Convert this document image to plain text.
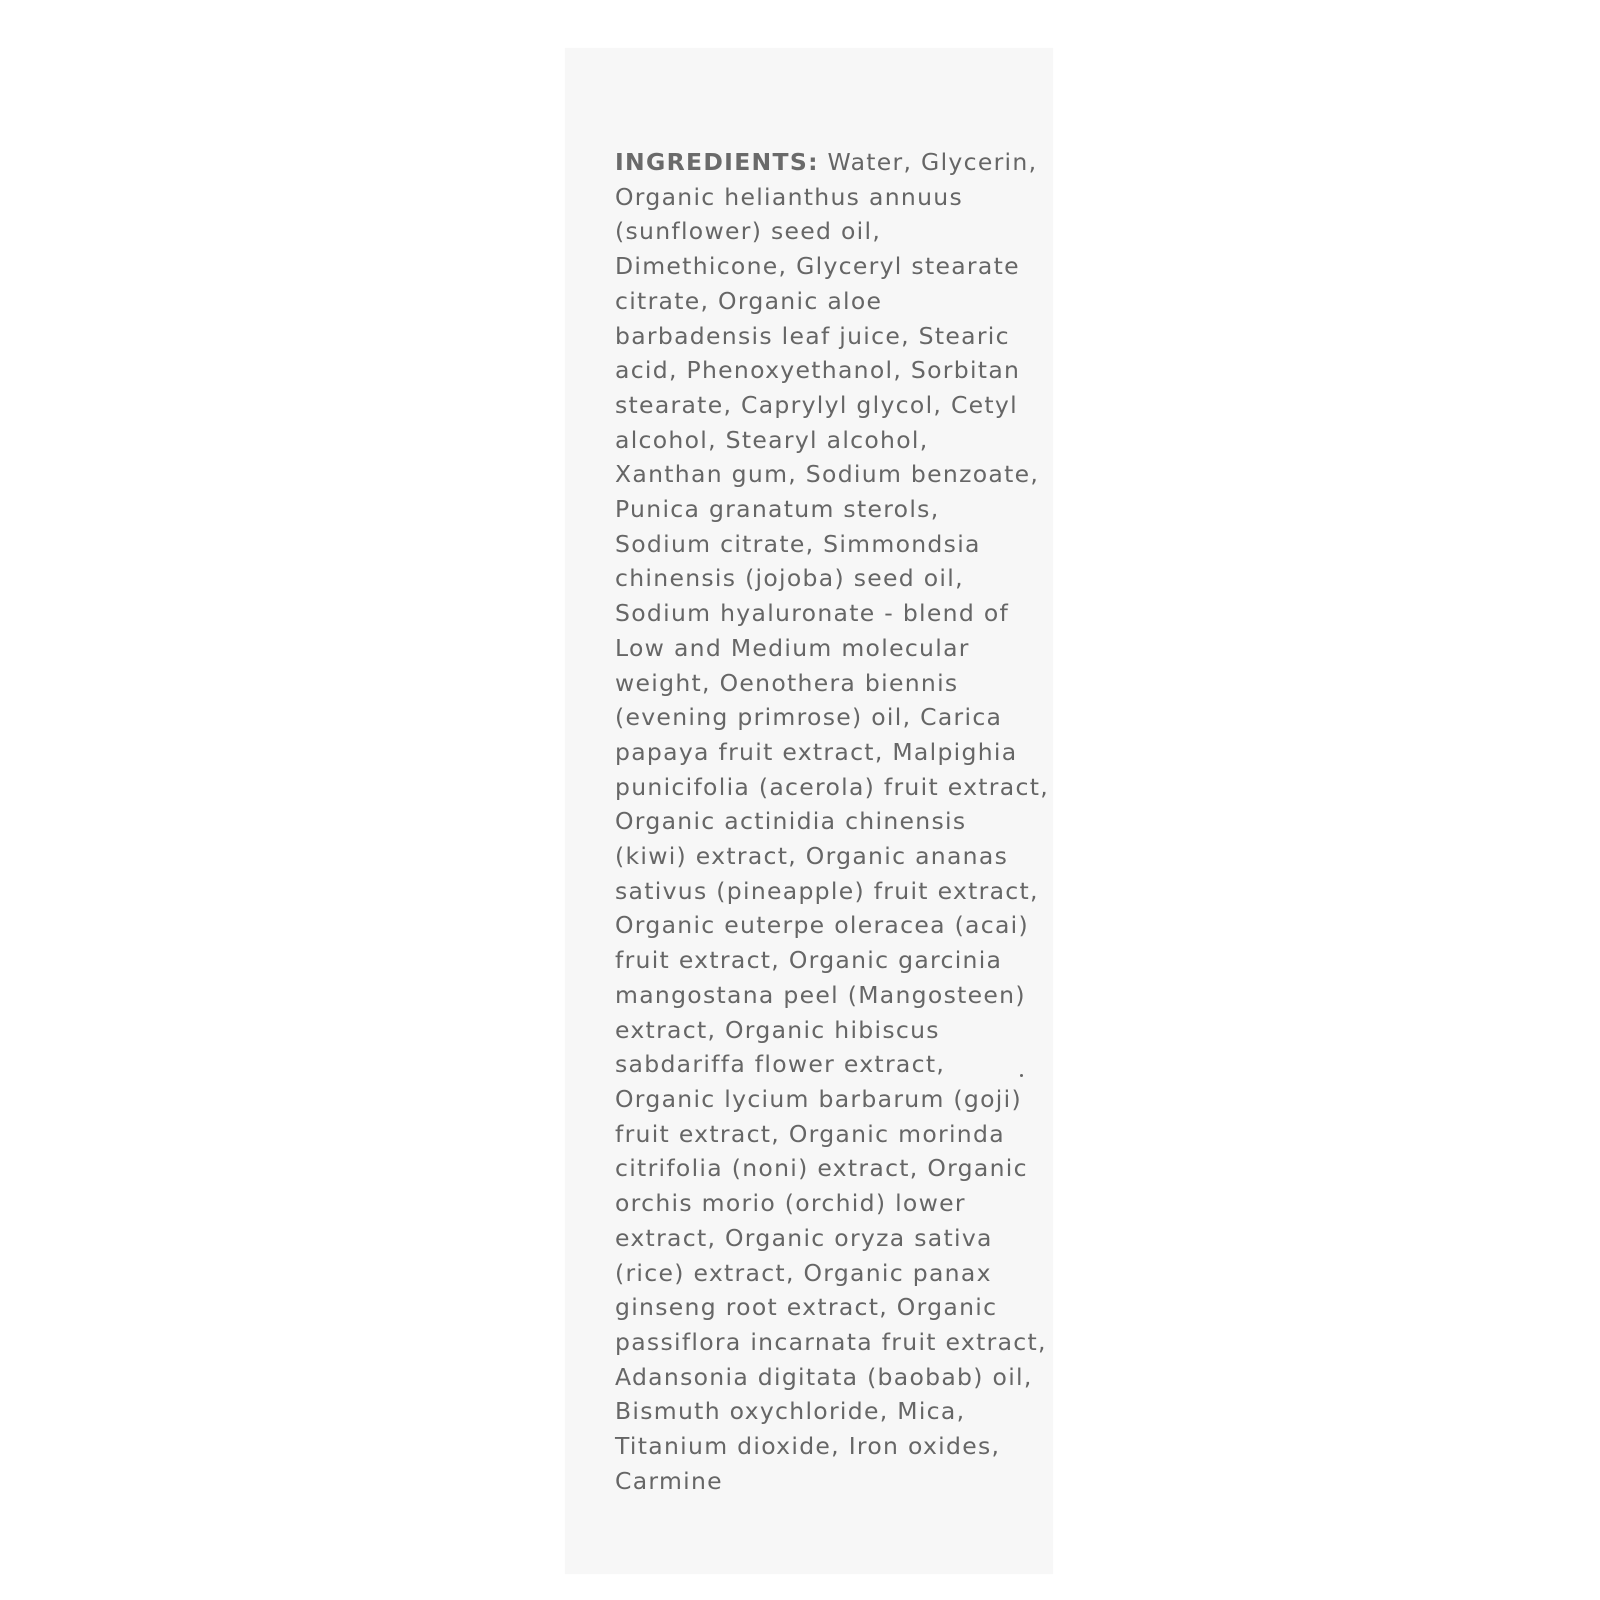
INGREDIENTS: Water, Glycerin,
Organic helianthus annuus
(sunflower) seed oil,
Dimethicone, Glyceryl stearate
citrate, Organic aloe
barbadensis leaf juice, Stearic
acid, Phenoxyethanol, Sorbitan
stearate, Caprylyl glycol, Cetyl
alcohol, Stearyl alcohol,
Xanthan gum, Sodium benzoate,
Punica granatum sterols,
Sodium citrate, Simmondsia
chinensis (jojoba) seed oil,
Sodium hyaluronate - blend of
Low and Medium molecular
weight, Oenothera biennis
(evening primrose) oil, Carica
papaya fruit extract, Malpighia
punicifolia (acerola) fruit extract,
Organic actinidia chinensis
(kiwi) extract, Organic ananas
sativus (pineapple) fruit extract,
Organic euterpe oleracea (acai)
fruit extract, Organic garcinia
mangostana peel (Mangosteen)
extract, Organic hibiscus
sabdariffa flower extract,
Organic lycium barbarum (goji)
fruit extract, Organic morinda
citrifolia (noni) extract, Organic
orchis morio (orchid) lower
extract, Organic oryza sativa
(rice) extract, Organic panax
ginseng root extract, Organic
passiflora incarnata fruit extract,
Adansonia digitata (baobab) oil,
Bismuth oxychloride, Mica,
Titanium dioxide, Iron oxides,
Carmine
